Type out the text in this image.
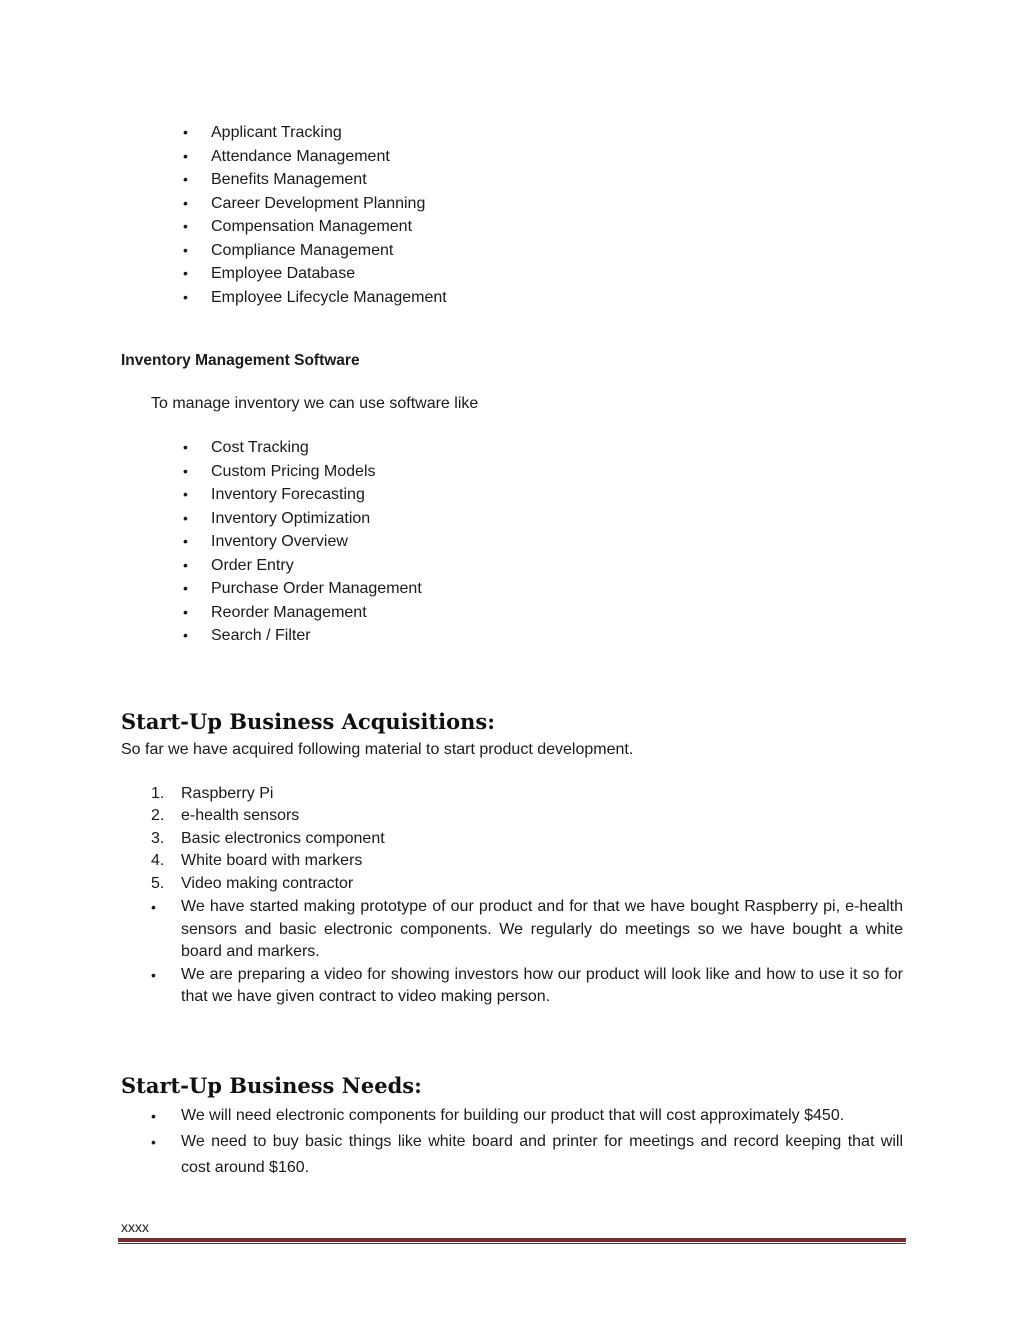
• Applicant Tracking
• Attendance Management
• Benefits Management
• Career Development Planning
• Compensation Management
• Compliance Management
• Employee Database
• Employee Lifecycle Management
Inventory Management Software
To manage inventory we can use software like
• Cost Tracking
• Custom Pricing Models
• Inventory Forecasting
• Inventory Optimization
• Inventory Overview
• Order Entry
• Purchase Order Management
• Reorder Management
• Search / Filter
Start-Up Business Acquisitions:
So far we have acquired following material to start product development.
1. Raspberry Pi
2. e-health sensors
3. Basic electronics component
4. White board with markers
5. Video making contractor
• We have started making prototype of our product and for that we have bought Raspberry pi, e-health sensors and basic electronic components. We regularly do meetings so we have bought a white board and markers.
• We are preparing a video for showing investors how our product will look like and how to use it so for that we have given contract to video making person.
Start-Up Business Needs:
• We will need electronic components for building our product that will cost approximately $450.
• We need to buy basic things like white board and printer for meetings and record keeping that will cost around $160.
xxxx
